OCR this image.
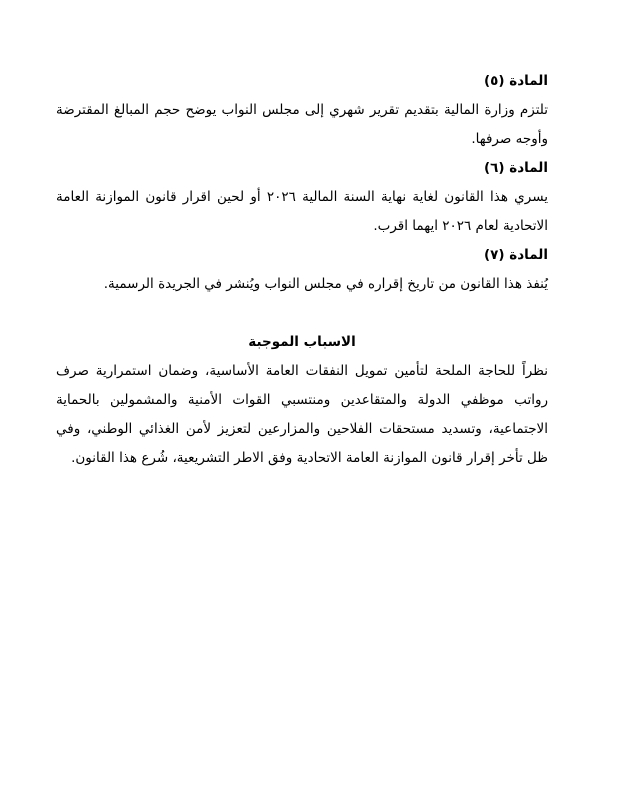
المادة (٥)

تلتزم وزارة المالية بتقديم تقرير شهري إلى مجلس النواب يوضح حجم المبالغ المقترضة وأوجه صرفها.

المادة (٦)

يسري هذا القانون لغاية نهاية السنة المالية ٢٠٢٦ أو لحين اقرار قانون الموازنة العامة الاتحادية لعام ٢٠٢٦ ايهما اقرب.

المادة (٧)

يُنفذ هذا القانون من تاريخ إقراره في مجلس النواب ويُنشر في الجريدة الرسمية.

الاسباب الموجبة

نظراً للحاجة الملحة لتأمين تمويل النفقات العامة الأساسية، وضمان استمرارية صرف رواتب موظفي الدولة والمتقاعدين ومنتسبي القوات الأمنية والمشمولين بالحماية الاجتماعية، وتسديد مستحقات الفلاحين والمزارعين لتعزيز لأمن الغذائي الوطني، وفي ظل تأخر إقرار قانون الموازنة العامة الاتحادية وفق الاطر التشريعية، شُرع هذا القانون.
